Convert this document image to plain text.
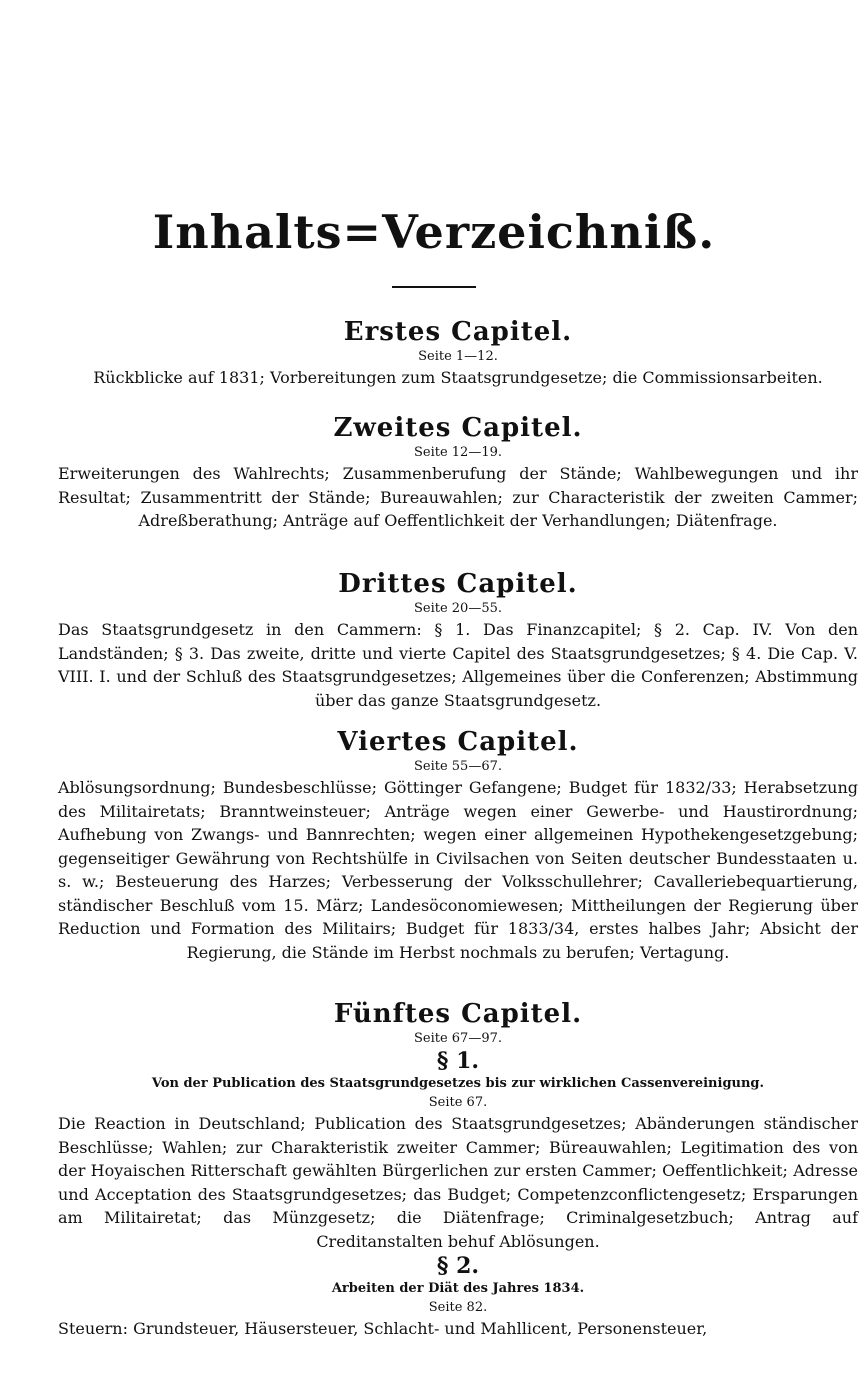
Inhalts=Verzeichniß.
Erstes Capitel.
Seite 1—12.
Rückblicke auf 1831; Vorbereitungen zum Staatsgrundgesetze; die Commissionsarbeiten.
Zweites Capitel.
Seite 12—19.
Erweiterungen des Wahlrechts; Zusammenberufung der Stände; Wahlbewegungen und ihr Resultat; Zusammentritt der Stände; Bureauwahlen; zur Characteristik der zweiten Cammer; Adreßberathung; Anträge auf Oeffentlichkeit der Verhandlungen; Diätenfrage.
Drittes Capitel.
Seite 20—55.
Das Staatsgrundgesetz in den Cammern: § 1. Das Finanzcapitel; § 2. Cap. IV. Von den Landständen; § 3. Das zweite, dritte und vierte Capitel des Staatsgrundgesetzes; § 4. Die Cap. V. VIII. I. und der Schluß des Staatsgrundgesetzes; Allgemeines über die Conferenzen; Abstimmung über das ganze Staatsgrundgesetz.
Viertes Capitel.
Seite 55—67.
Ablösungsordnung; Bundesbeschlüsse; Göttinger Gefangene; Budget für 1832/33; Herabsetzung des Militairetats; Branntweinsteuer; Anträge wegen einer Gewerbe- und Haustirordnung; Aufhebung von Zwangs- und Bannrechten; wegen einer allgemeinen Hypothekengesetzgebung; gegenseitiger Gewährung von Rechtshülfe in Civilsachen von Seiten deutscher Bundesstaaten u. s. w.; Besteuerung des Harzes; Verbesserung der Volksschullehrer; Cavalleriebequartierung, ständischer Beschluß vom 15. März; Landesöconomiewesen; Mittheilungen der Regierung über Reduction und Formation des Militairs; Budget für 1833/34, erstes halbes Jahr; Absicht der Regierung, die Stände im Herbst nochmals zu berufen; Vertagung.
Fünftes Capitel.
Seite 67—97.
§ 1.
Von der Publication des Staatsgrundgesetzes bis zur wirklichen Cassenvereinigung.
Seite 67.
Die Reaction in Deutschland; Publication des Staatsgrundgesetzes; Abänderungen ständischer Beschlüsse; Wahlen; zur Charakteristik zweiter Cammer; Büreauwahlen; Legitimation des von der Hoyaischen Ritterschaft gewählten Bürgerlichen zur ersten Cammer; Oeffentlichkeit; Adresse und Acceptation des Staatsgrundgesetzes; das Budget; Competenzconflictengesetz; Ersparungen am Militairetat; das Münzgesetz; die Diätenfrage; Criminalgesetzbuch; Antrag auf Creditanstalten behuf Ablösungen.
§ 2.
Arbeiten der Diät des Jahres 1834.
Seite 82.
Steuern: Grundsteuer, Häusersteuer, Schlacht- und Mahllicent, Personensteuer,
